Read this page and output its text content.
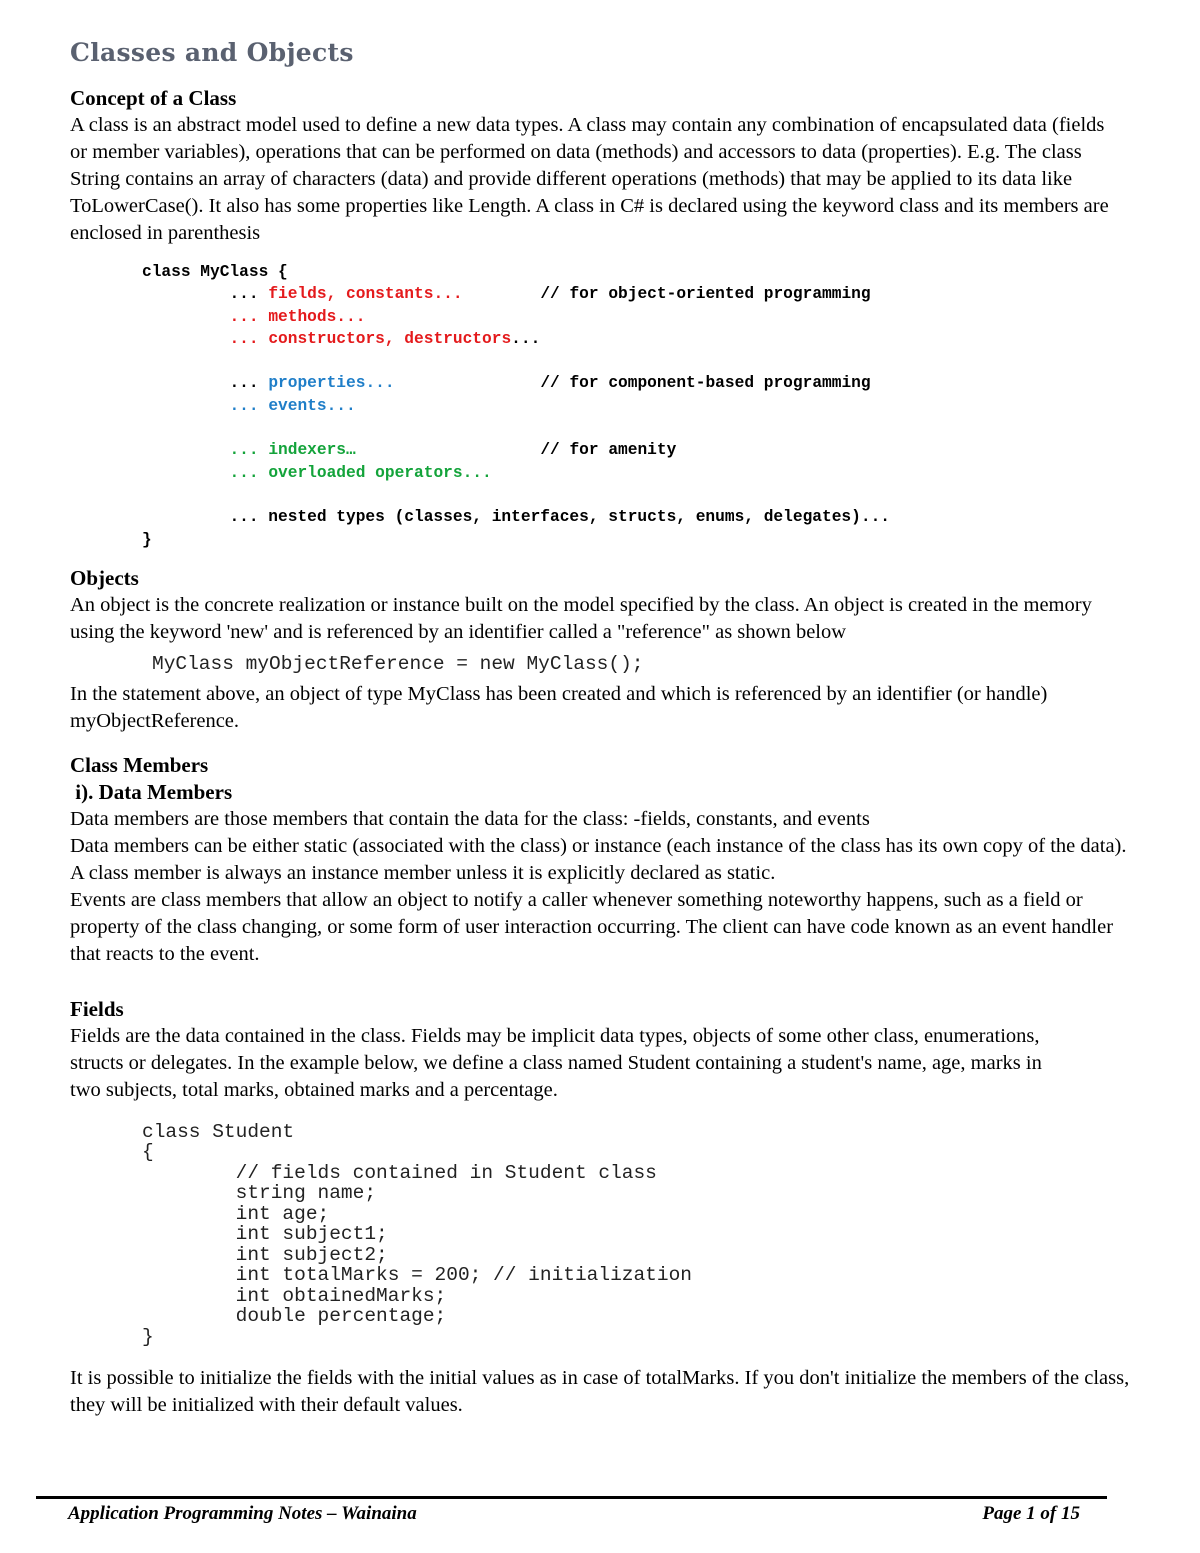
Classes and Objects
Concept of a Class

A class is an abstract model used to define a new data types. A class may contain any combination of encapsulated data (fields or member variables), operations that can be performed on data (methods) and accessors to data (properties). E.g. The class String contains an array of characters (data) and provide different operations (methods) that may be applied to its data like ToLowerCase(). It also has some properties like Length. A class in C# is declared using the keyword class and its members are enclosed in parenthesis

class MyClass {
... fields, constants...	// for object-oriented programming
... methods...
... constructors, destructors...

... properties...	// for component-based programming
... events...

... indexers…	// for amenity
... overloaded operators...

... nested types (classes, interfaces, structs, enums, delegates)...
}
Objects

An object is the concrete realization or instance built on the model specified by the class. An object is created in the memory using the keyword 'new' and is referenced by an identifier called a "reference" as shown below

MyClass myObjectReference = new MyClass();

In the statement above, an object of type MyClass has been created and which is referenced by an identifier (or handle) myObjectReference.

Class Members
i). Data Members

Data members are those members that contain the data for the class: -fields, constants, and events

Data members can be either static (associated with the class) or instance (each instance of the class has its own copy of the data). A class member is always an instance member unless it is explicitly declared as static.

Events are class members that allow an object to notify a caller whenever something noteworthy happens, such as a field or property of the class changing, or some form of user interaction occurring. The client can have code known as an event handler that reacts to the event.

Fields

Fields are the data contained in the class. Fields may be implicit data types, objects of some other class, enumerations, structs or delegates. In the example below, we define a class named Student containing a student's name, age, marks in two subjects, total marks, obtained marks and a percentage.

class Student
{
// fields contained in Student class
string name;
int age;
int subject1;
int subject2;
int totalMarks = 200; // initialization
int obtainedMarks;
double percentage;
}

It is possible to initialize the fields with the initial values as in case of totalMarks. If you don't initialize the members of the class, they will be initialized with their default values.

Application Programming Notes – Wainaina	Page 1 of 15
